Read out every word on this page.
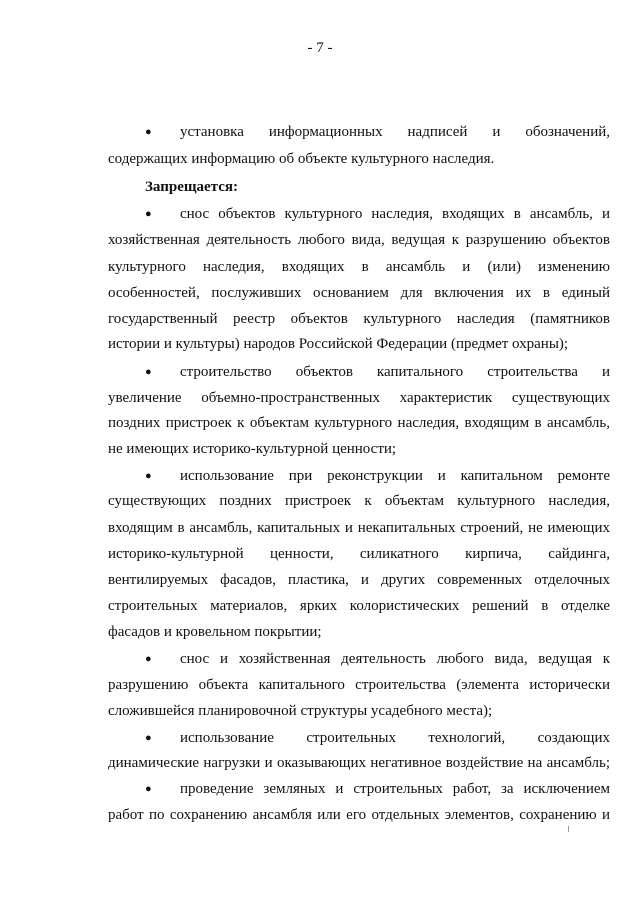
- 7 -
● установка информационных надписей и обозначений,
содержащих информацию об объекте культурного наследия.
Запрещается:
● снос объектов культурного наследия, входящих в ансамбль, и
хозяйственная деятельность любого вида, ведущая к разрушению объектов
культурного наследия, входящих в ансамбль и (или) изменению
особенностей, послуживших основанием для включения их в единый
государственный реестр объектов культурного наследия (памятников
истории и культуры) народов Российской Федерации (предмет охраны);
● строительство объектов капитального строительства и
увеличение объемно-пространственных характеристик существующих
поздних пристроек к объектам культурного наследия, входящим в ансамбль,
не имеющих историко-культурной ценности;
● использование при реконструкции и капитальном ремонте
существующих поздних пристроек к объектам культурного наследия,
входящим в ансамбль, капитальных и некапитальных строений, не имеющих
историко-культурной ценности, силикатного кирпича, сайдинга,
вентилируемых фасадов, пластика, и других современных отделочных
строительных материалов, ярких колористических решений в отделке
фасадов и кровельном покрытии;
● снос и хозяйственная деятельность любого вида, ведущая к
разрушению объекта капитального строительства (элемента исторически
сложившейся планировочной структуры усадебного места);
● использование строительных технологий, создающих
динамические нагрузки и оказывающих негативное воздействие на ансамбль;
● проведение земляных и строительных работ, за исключением
работ по сохранению ансамбля или его отдельных элементов, сохранению и
